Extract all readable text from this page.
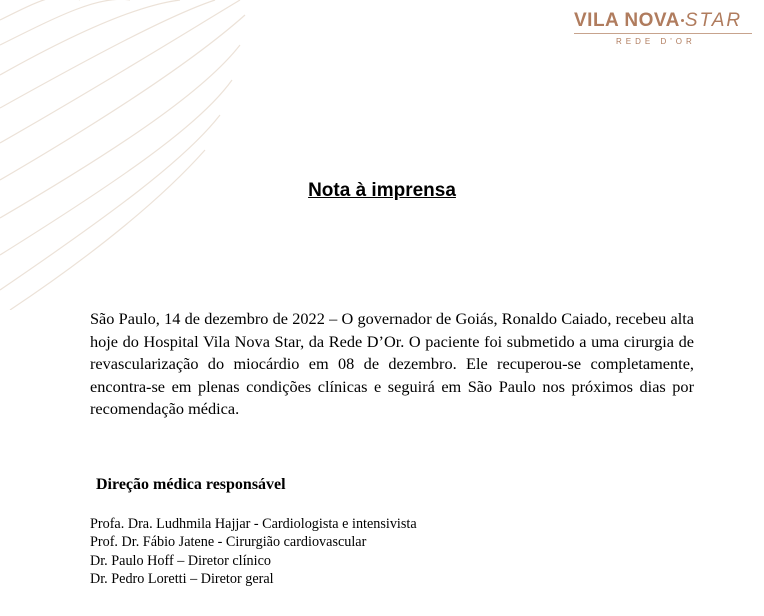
VILA NOVA STAR
REDE D'OR
Nota à imprensa

São Paulo, 14 de dezembro de 2022 – O governador de Goiás, Ronaldo Caiado, recebeu alta hoje do Hospital Vila Nova Star, da Rede D’Or. O paciente foi submetido a uma cirurgia de revascularização do miocárdio em 08 de dezembro. Ele recuperou-se completamente, encontra-se em plenas condições clínicas e seguirá em São Paulo nos próximos dias por recomendação médica.

Direção médica responsável
Profa. Dra. Ludhmila Hajjar - Cardiologista e intensivista
Prof. Dr. Fábio Jatene - Cirurgião cardiovascular
Dr. Paulo Hoff – Diretor clínico
Dr. Pedro Loretti – Diretor geral
